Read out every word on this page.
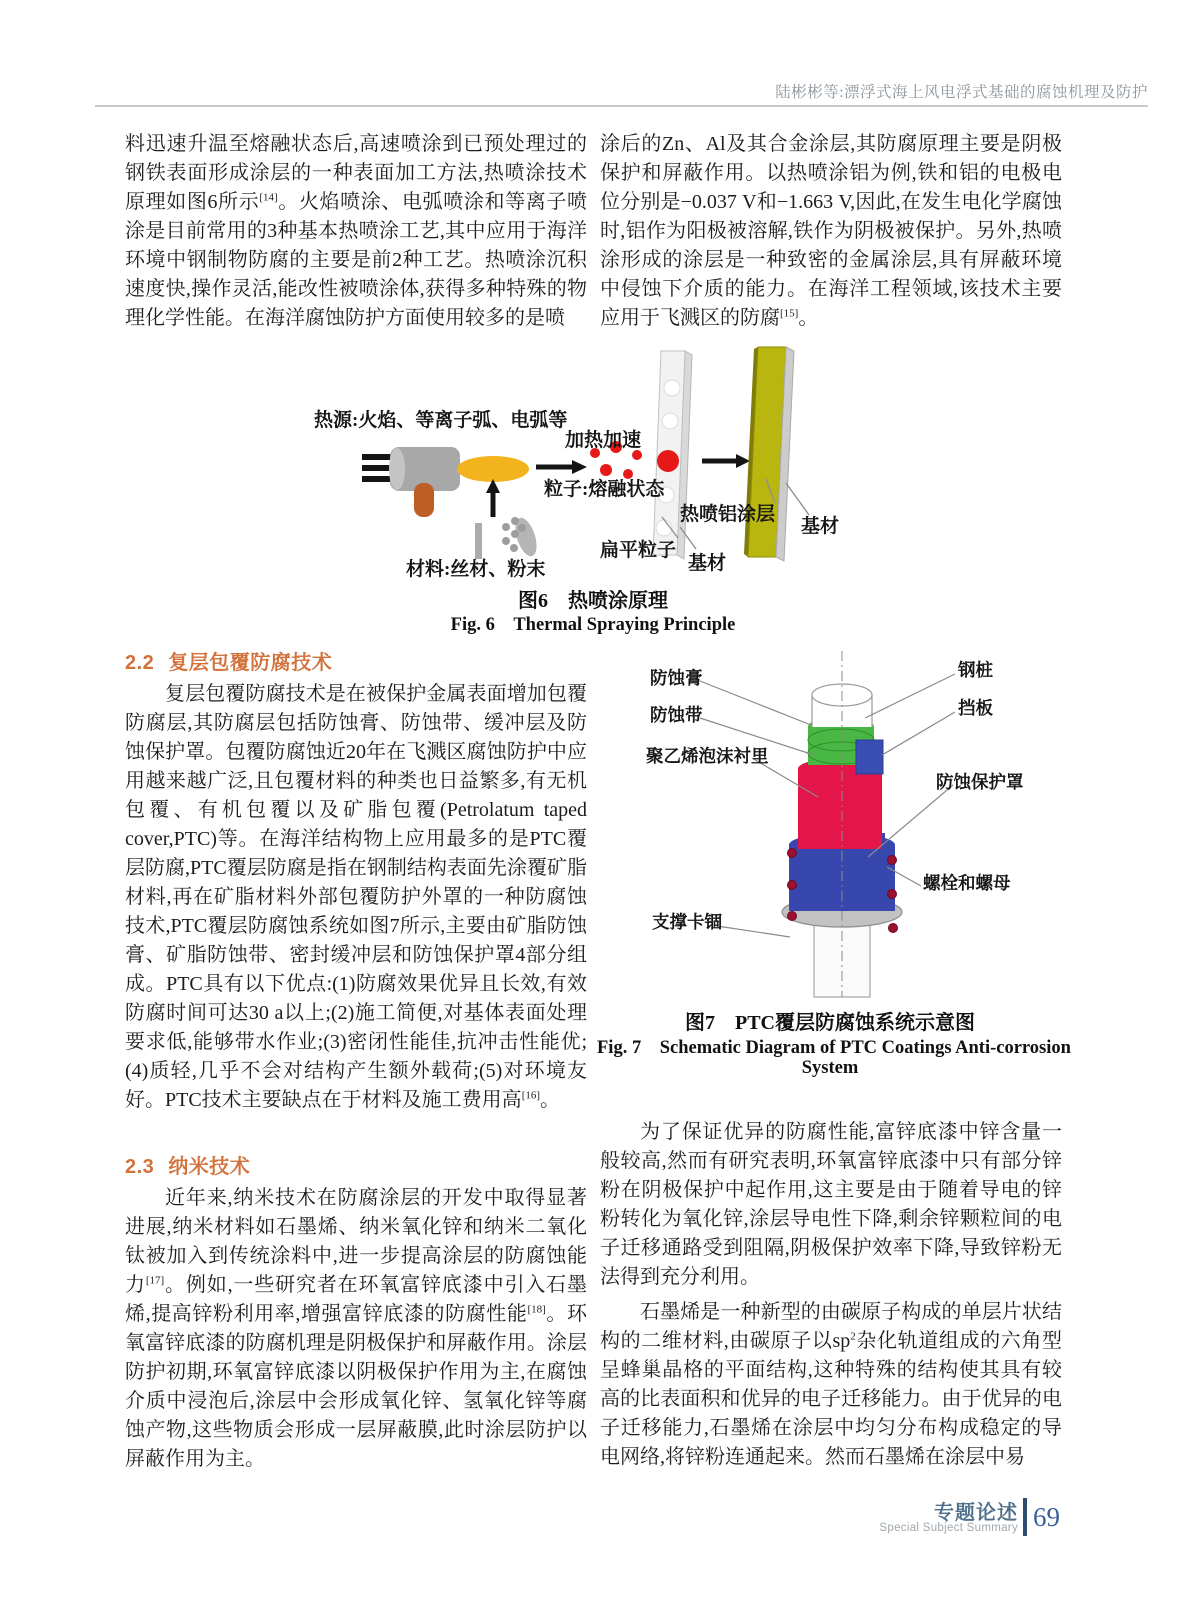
陆彬彬等:漂浮式海上风电浮式基础的腐蚀机理及防护
料迅速升温至熔融状态后,高速喷涂到已预处理过的钢铁表面形成涂层的一种表面加工方法,热喷涂技术原理如图6所示[14]。火焰喷涂、电弧喷涂和等离子喷涂是目前常用的3种基本热喷涂工艺,其中应用于海洋环境中钢制物防腐的主要是前2种工艺。热喷涂沉积速度快,操作灵活,能改性被喷涂体,获得多种特殊的物理化学性能。在海洋腐蚀防护方面使用较多的是喷
涂后的Zn、Al及其合金涂层,其防腐原理主要是阴极保护和屏蔽作用。以热喷涂铝为例,铁和铝的电极电位分别是−0.037 V和−1.663 V,因此,在发生电化学腐蚀时,铝作为阳极被溶解,铁作为阴极被保护。另外,热喷涂形成的涂层是一种致密的金属涂层,具有屏蔽环境中侵蚀下介质的能力。在海洋工程领域,该技术主要应用于飞溅区的防腐[15]。
热源:火焰、等离子弧、电弧等
加热加速
粒子:熔融状态
材料:丝材、粉末
热喷铝涂层
扁平粒子
基材
基材
图6　热喷涂原理
Fig. 6　Thermal Spraying Principle
2.2 复层包覆防腐技术
复层包覆防腐技术是在被保护金属表面增加包覆防腐层,其防腐层包括防蚀膏、防蚀带、缓冲层及防蚀保护罩。包覆防腐蚀近20年在飞溅区腐蚀防护中应用越来越广泛,且包覆材料的种类也日益繁多,有无机包覆、有机包覆以及矿脂包覆(Petrolatum taped cover,PTC)等。在海洋结构物上应用最多的是PTC覆层防腐,PTC覆层防腐是指在钢制结构表面先涂覆矿脂材料,再在矿脂材料外部包覆防护外罩的一种防腐蚀技术,PTC覆层防腐蚀系统如图7所示,主要由矿脂防蚀膏、矿脂防蚀带、密封缓冲层和防蚀保护罩4部分组成。PTC具有以下优点:(1)防腐效果优异且长效,有效防腐时间可达30 a以上;(2)施工简便,对基体表面处理要求低,能够带水作业;(3)密闭性能佳,抗冲击性能优;(4)质轻,几乎不会对结构产生额外载荷;(5)对环境友好。PTC技术主要缺点在于材料及施工费用高[16]。
2.3 纳米技术
近年来,纳米技术在防腐涂层的开发中取得显著进展,纳米材料如石墨烯、纳米氧化锌和纳米二氧化钛被加入到传统涂料中,进一步提高涂层的防腐蚀能力[17]。例如,一些研究者在环氧富锌底漆中引入石墨烯,提高锌粉利用率,增强富锌底漆的防腐性能[18]。环氧富锌底漆的防腐机理是阴极保护和屏蔽作用。涂层防护初期,环氧富锌底漆以阴极保护作用为主,在腐蚀介质中浸泡后,涂层中会形成氧化锌、氢氧化锌等腐蚀产物,这些物质会形成一层屏蔽膜,此时涂层防护以屏蔽作用为主。
防蚀膏
防蚀带
聚乙烯泡沫衬里
支撑卡锢
钢桩
挡板
防蚀保护罩
螺栓和螺母
图7　PTC覆层防腐蚀系统示意图
Fig. 7　Schematic Diagram of PTC Coatings Anti-corrosion
System
为了保证优异的防腐性能,富锌底漆中锌含量一般较高,然而有研究表明,环氧富锌底漆中只有部分锌粉在阴极保护中起作用,这主要是由于随着导电的锌粉转化为氧化锌,涂层导电性下降,剩余锌颗粒间的电子迁移通路受到阻隔,阴极保护效率下降,导致锌粉无法得到充分利用。
石墨烯是一种新型的由碳原子构成的单层片状结构的二维材料,由碳原子以$sp^2$杂化轨道组成的六角型呈蜂巢晶格的平面结构,这种特殊的结构使其具有较高的比表面积和优异的电子迁移能力。由于优异的电子迁移能力,石墨烯在涂层中均匀分布构成稳定的导电网络,将锌粉连通起来。然而石墨烯在涂层中易
专题论述
Special Subject Summary 69
